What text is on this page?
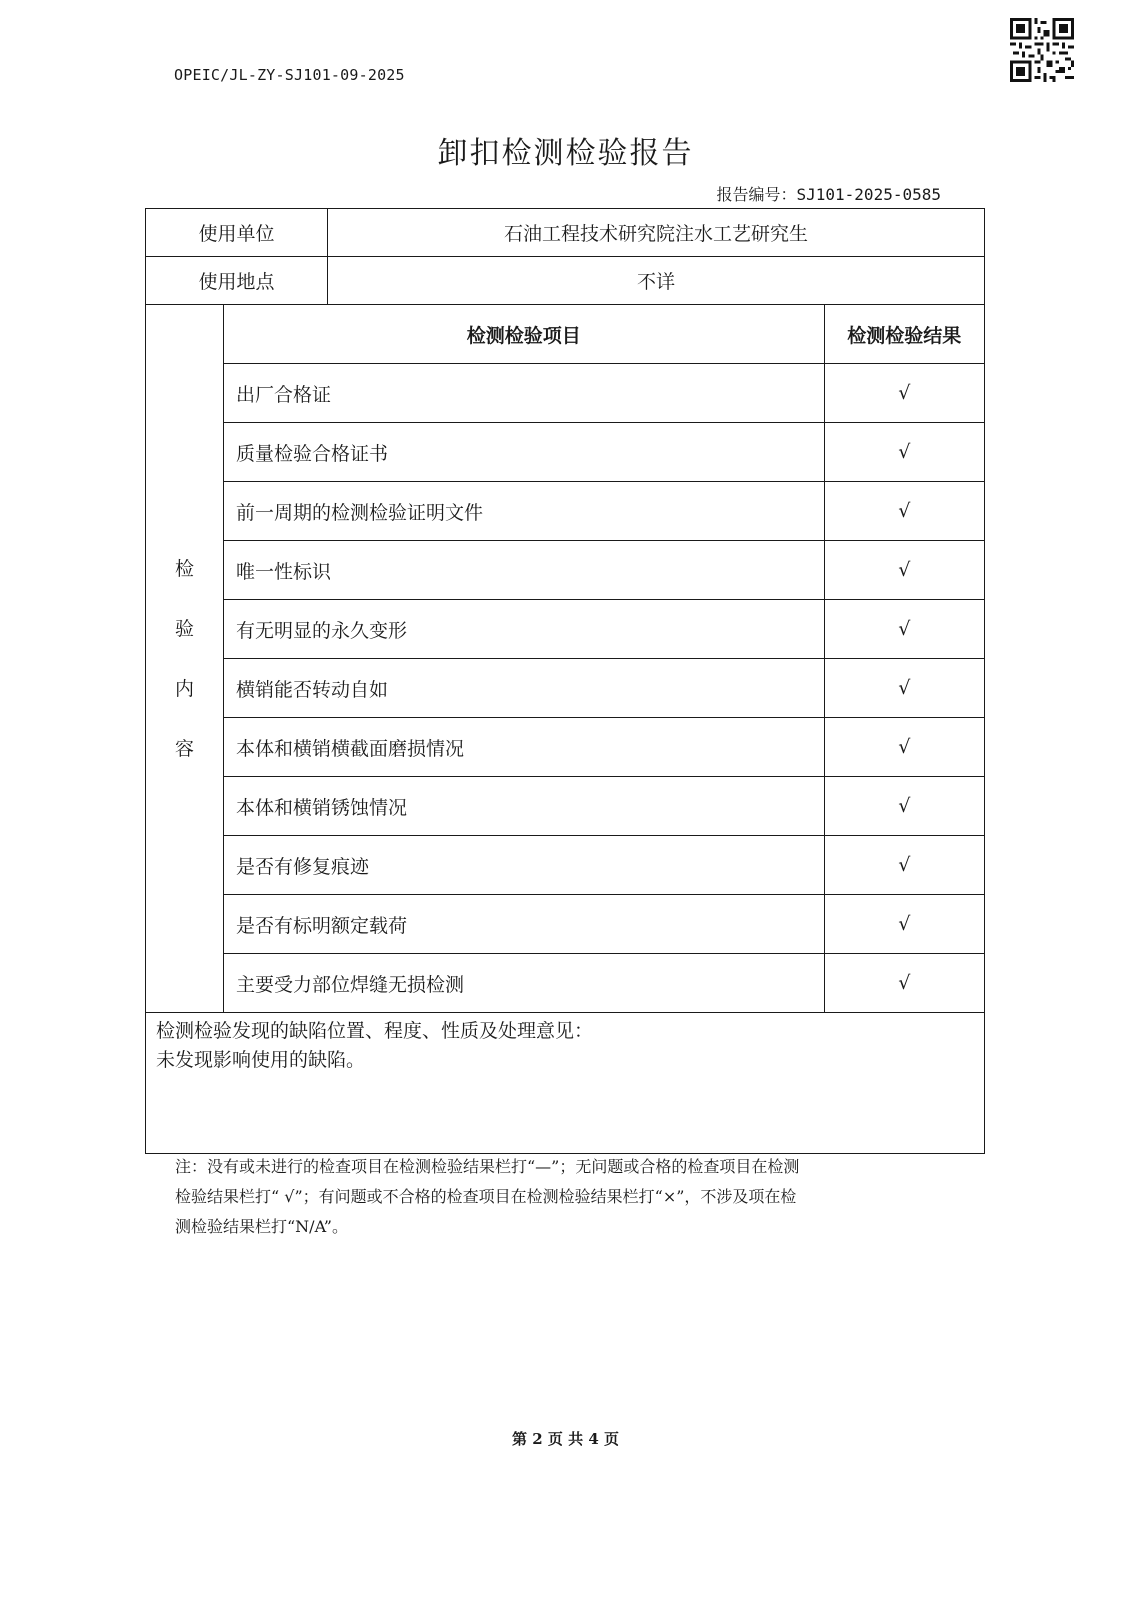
OPEIC/JL-ZY-SJ101-09-2025
卸扣检测检验报告
报告编号：SJ101-2025-0585
使用单位	石油工程技术研究院注水工艺研究生
使用地点	不详

检
验
内
容

检测检验项目	检测检验结果
出厂合格证	√
质量检验合格证书	√
前一周期的检测检验证明文件	√
唯一性标识	√
有无明显的永久变形	√
横销能否转动自如	√
本体和横销横截面磨损情况	√
本体和横销锈蚀情况	√
是否有修复痕迹	√
是否有标明额定载荷	√
主要受力部位焊缝无损检测	√

检测检验发现的缺陷位置、程度、性质及处理意见：
未发现影响使用的缺陷。
注：没有或未进行的检查项目在检测检验结果栏打“—”；无问题或合格的检查项目在检测
检验结果栏打“ √”；有问题或不合格的检查项目在检测检验结果栏打“×”，不涉及项在检
测检验结果栏打“N/A”。
第 2 页 共 4 页
